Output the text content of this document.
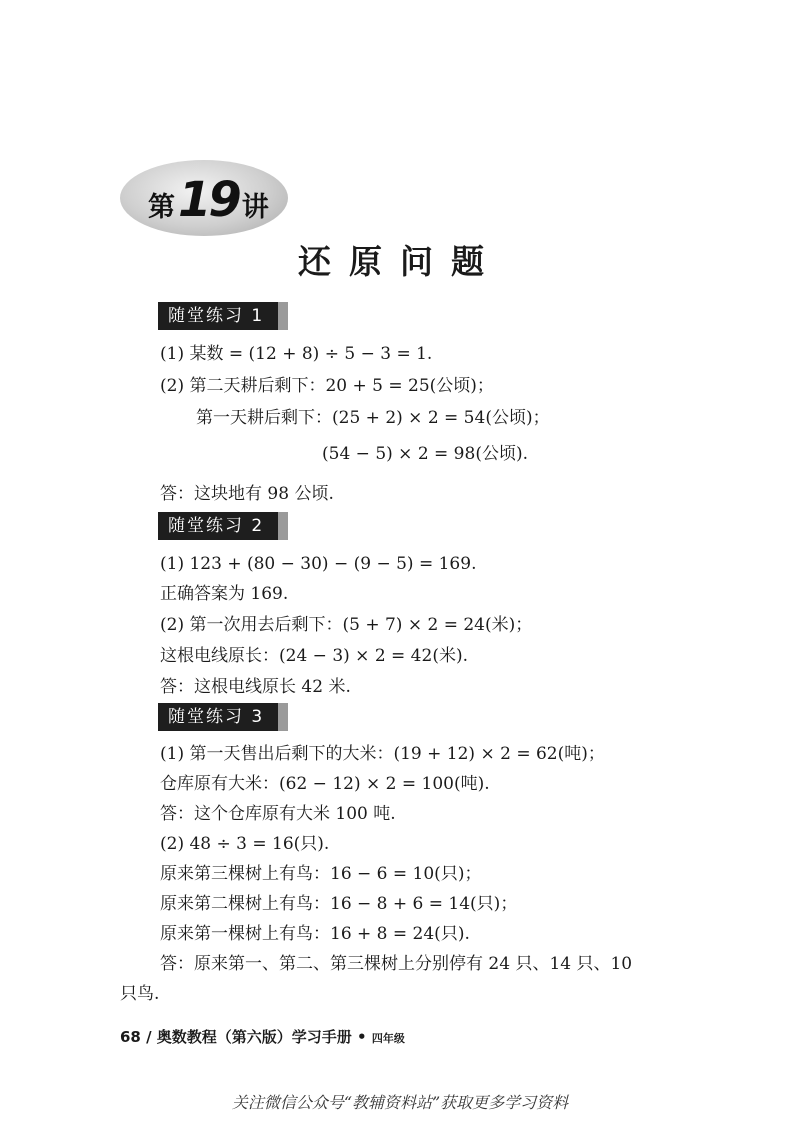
第 19 讲
还原问题
随堂练习 1
(1) 某数 = (12 + 8) ÷ 5 − 3 = 1.
(2) 第二天耕后剩下：20 + 5 = 25(公顷)；
第一天耕后剩下：(25 + 2) × 2 = 54(公顷)；
(54 − 5) × 2 = 98(公顷).
答：这块地有 98 公顷.
随堂练习 2
(1) 123 + (80 − 30) − (9 − 5) = 169.
正确答案为 169.
(2) 第一次用去后剩下：(5 + 7) × 2 = 24(米)；
这根电线原长：(24 − 3) × 2 = 42(米).
答：这根电线原长 42 米.
随堂练习 3
(1) 第一天售出后剩下的大米：(19 + 12) × 2 = 62(吨)；
仓库原有大米：(62 − 12) × 2 = 100(吨).
答：这个仓库原有大米 100 吨.
(2) 48 ÷ 3 = 16(只).
原来第三棵树上有鸟：16 − 6 = 10(只)；
原来第二棵树上有鸟：16 − 8 + 6 = 14(只)；
原来第一棵树上有鸟：16 + 8 = 24(只).
答：原来第一、第二、第三棵树上分别停有 24 只、14 只、10
只鸟.
68 / 奥数教程（第六版）学习手册 • 四年级
关注微信公众号“教辅资料站”获取更多学习资料
